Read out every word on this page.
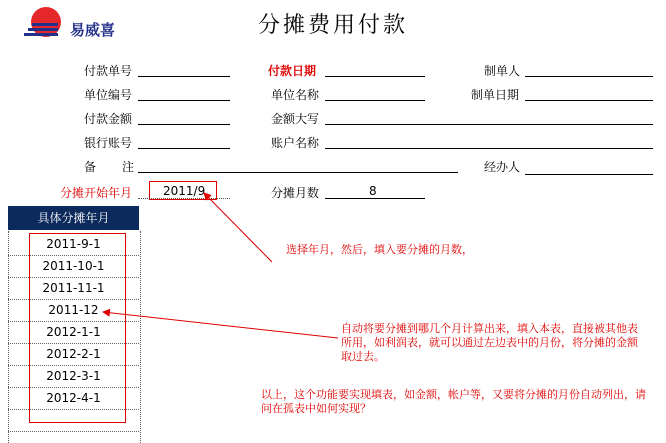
易威喜	分摊费用付款
付款单号	付款日期	制单人
单位编号	单位名称	制单日期
付款金额	金额大写
银行账号	账户名称
备 注	经办人
分摊开始年月	2011/9	分摊月数	8
具体分摊年月
2011-9-1
2011-10-1
2011-11-1
2011-12
2012-1-1
2012-2-1
2012-3-1
2012-4-1
选择年月，然后，填入要分摊的月数，
自动将要分摊到哪几个月计算出来，填入本表，直接被其他表
所用，如利润表，就可以通过左边表中的月份，将分摊的金额
取过去。
以上，这个功能要实现填表，如金额，帐户等，又要将分摊的月份自动列出，请
问在孤表中如何实现？
